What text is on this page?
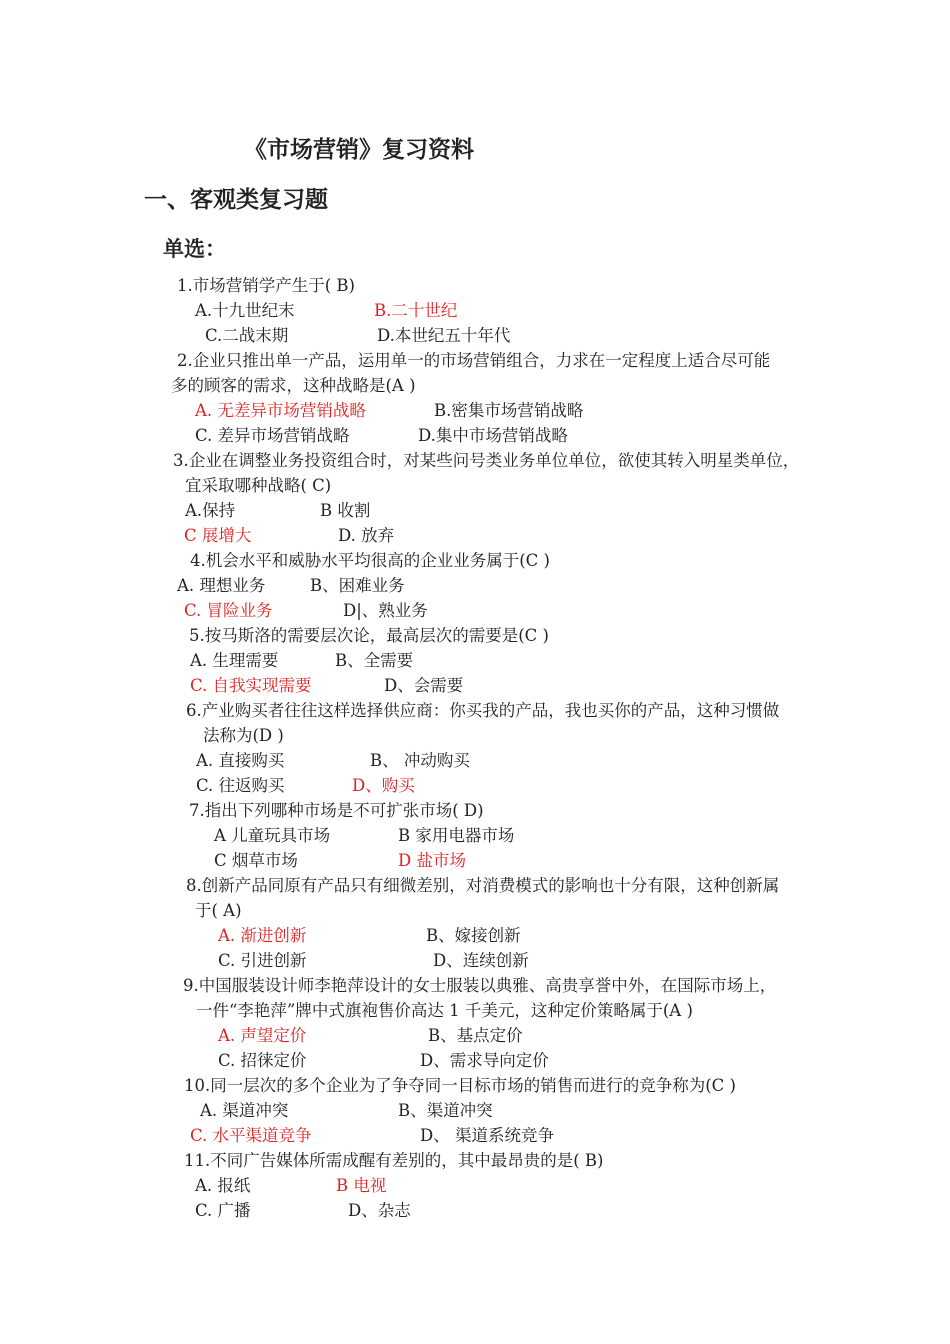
《市场营销》复习资料
一、客观类复习题
单选：
1.市场营销学产生于( B)
A.十九世纪末	B.二十世纪
C.二战末期	D.本世纪五十年代
2.企业只推出单一产品，运用单一的市场营销组合，力求在一定程度上适合尽可能
多的顾客的需求，这种战略是(A )
A. 无差异市场营销战略	B.密集市场营销战略
C. 差异市场营销战略	D.集中市场营销战略
3.企业在调整业务投资组合时，对某些问号类业务单位单位，欲使其转入明星类单位，
宜采取哪种战略( C)
A.保持	B 收割
C 展增大	D. 放弃
4.机会水平和威胁水平均很高的企业业务属于(C )
A. 理想业务	B、困难业务
C. 冒险业务	D|、熟业务
5.按马斯洛的需要层次论，最高层次的需要是(C )
A. 生理需要	B、全需要
C. 自我实现需要	D、会需要
6.产业购买者往往这样选择供应商：你买我的产品，我也买你的产品，这种习惯做
法称为(D )
A. 直接购买	B、 冲动购买
C. 往返购买	D、购买
7.指出下列哪种市场是不可扩张市场( D)
A 儿童玩具市场	B 家用电器市场
C 烟草市场	D 盐市场
8.创新产品同原有产品只有细微差别，对消费模式的影响也十分有限，这种创新属
于( A)
A. 渐进创新	B、嫁接创新
C. 引进创新	D、连续创新
9.中国服装设计师李艳萍设计的女士服装以典雅、高贵享誉中外，在国际市场上，
一件“李艳萍”牌中式旗袍售价高达 1 千美元，这种定价策略属于(A )
A. 声望定价	B、基点定价
C. 招徕定价	D、需求导向定价
10.同一层次的多个企业为了争夺同一目标市场的销售而进行的竞争称为(C )
A. 渠道冲突	B、渠道冲突
C. 水平渠道竞争	D、 渠道系统竞争
11.不同广告媒体所需成醒有差别的，其中最昂贵的是( B)
A. 报纸	B 电视
C. 广播	D、杂志
